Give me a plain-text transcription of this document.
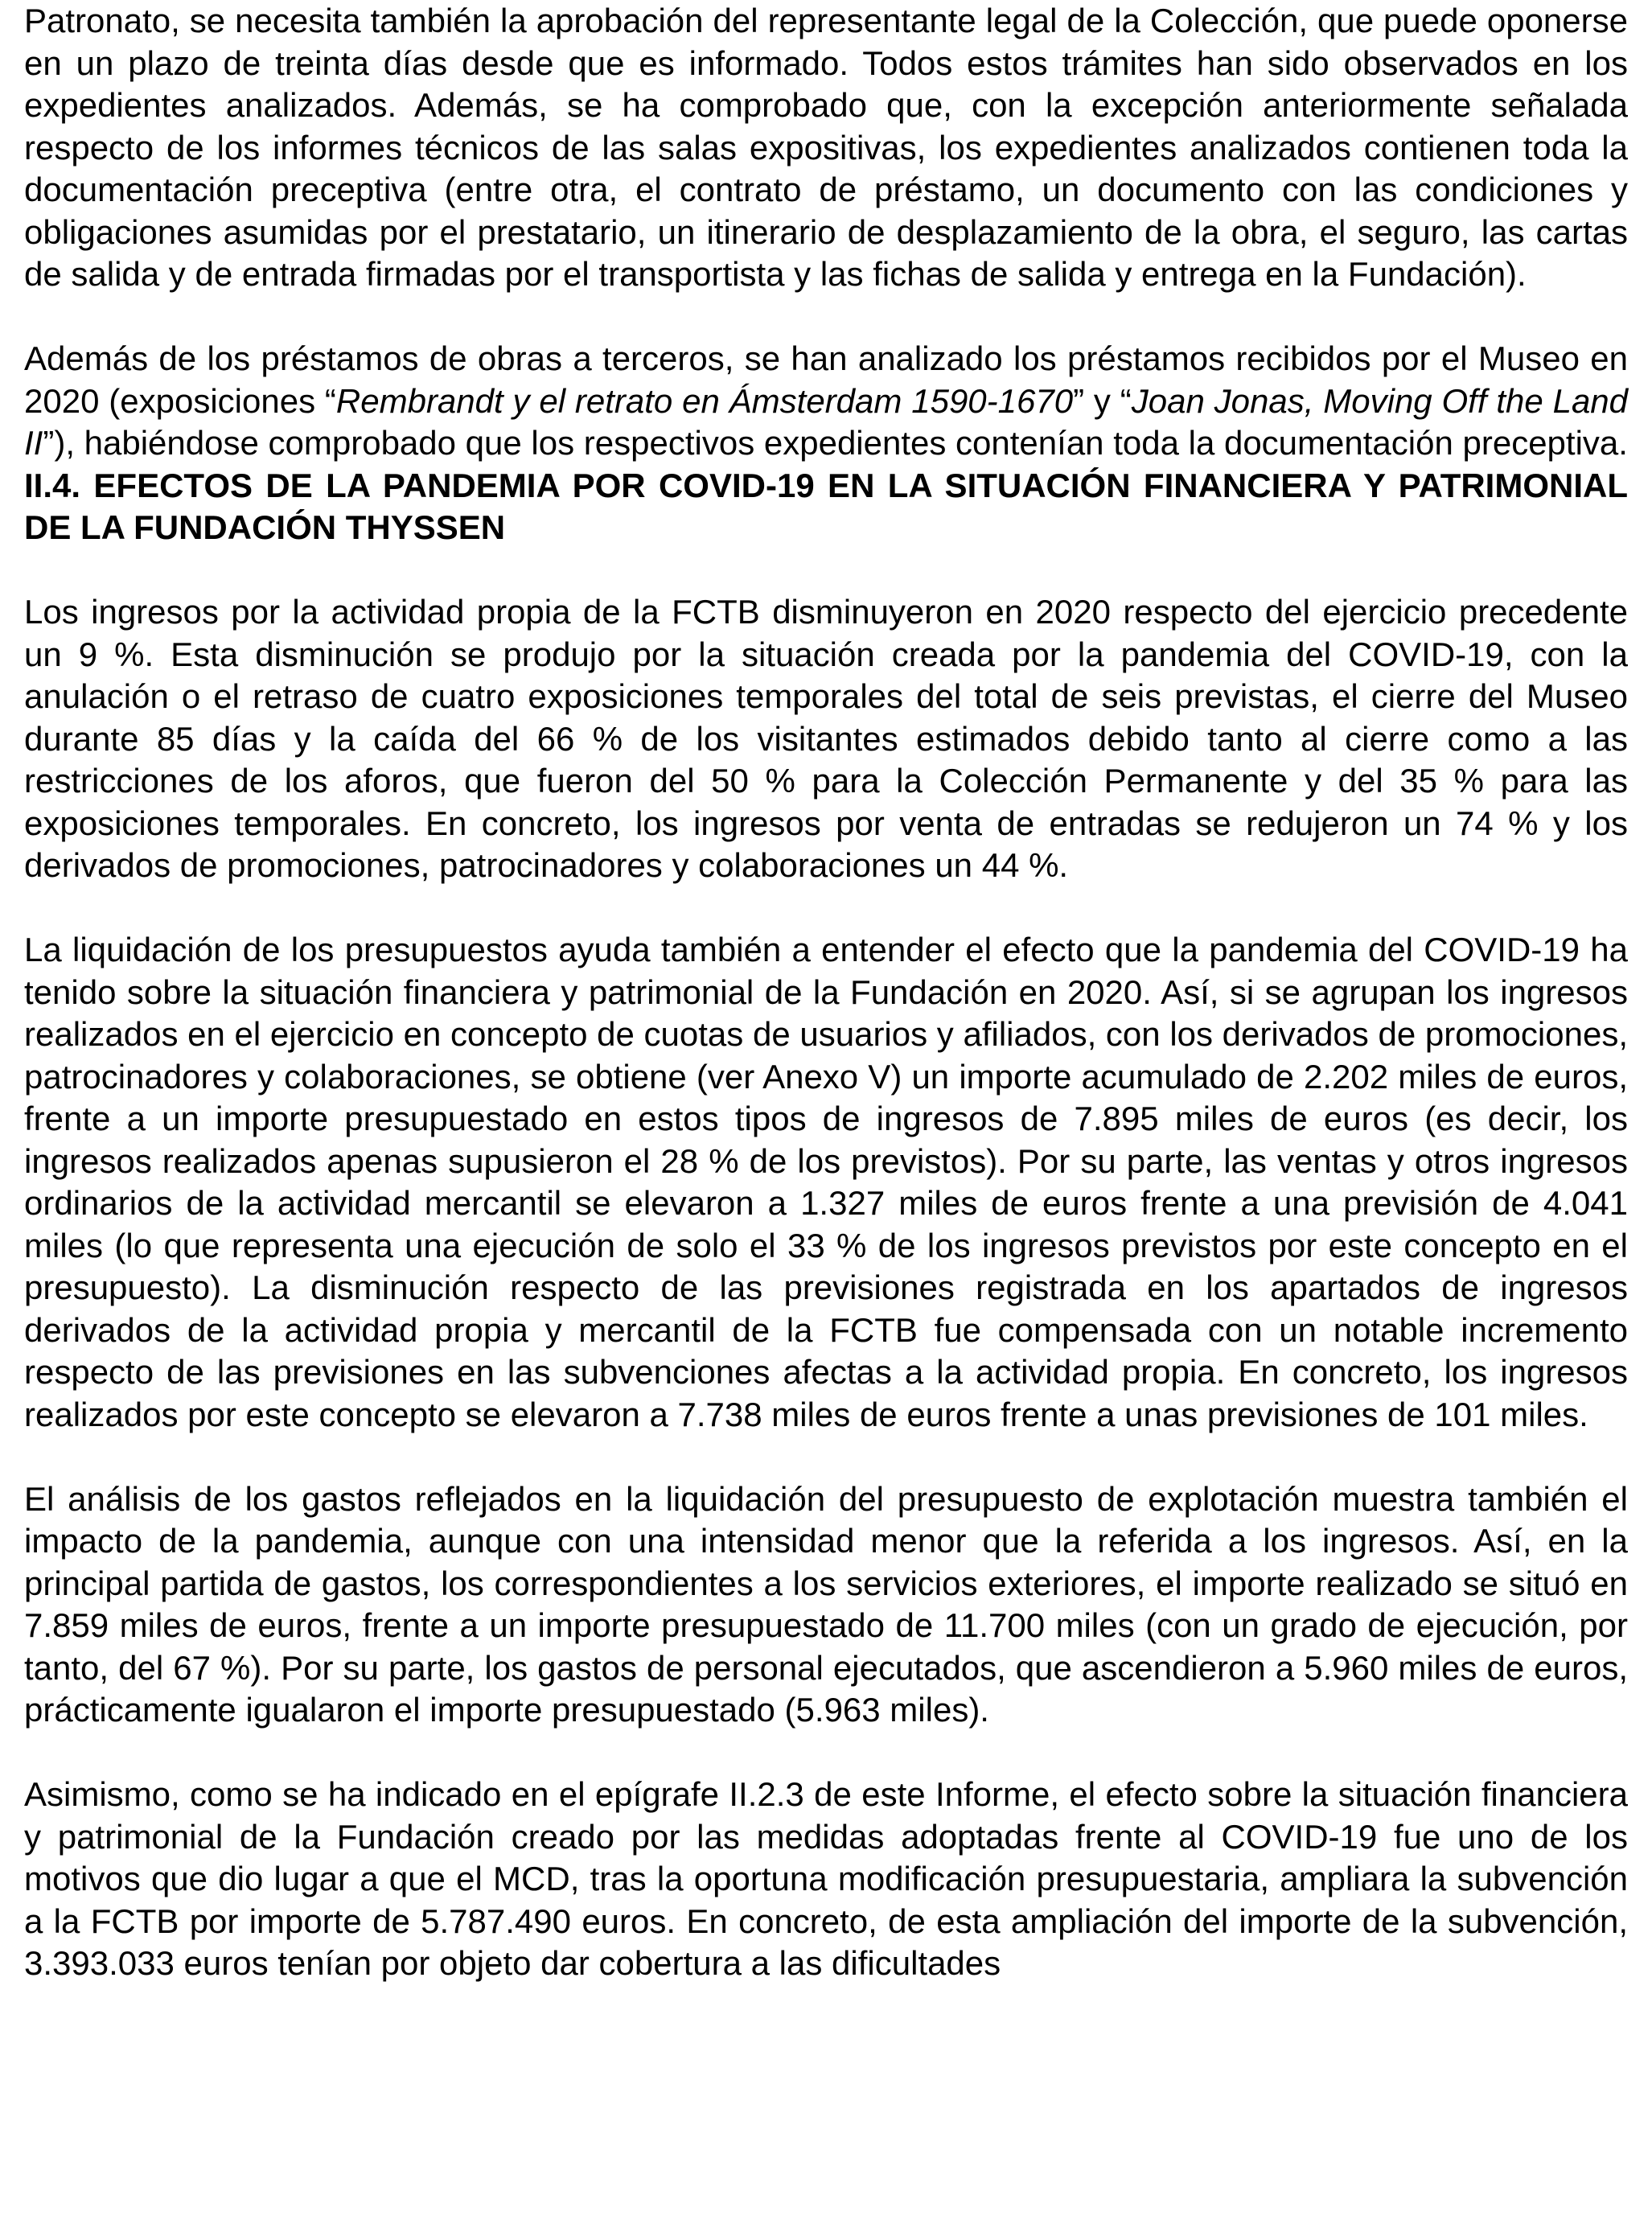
Patronato, se necesita también la aprobación del representante legal de la Colección, que puede oponerse en un plazo de treinta días desde que es informado. Todos estos trámites han sido observados en los expedientes analizados. Además, se ha comprobado que, con la excepción anteriormente señalada respecto de los informes técnicos de las salas expositivas, los expedientes analizados contienen toda la documentación preceptiva (entre otra, el contrato de préstamo, un documento con las condiciones y obligaciones asumidas por el prestatario, un itinerario de desplazamiento de la obra, el seguro, las cartas de salida y de entrada firmadas por el transportista y las fichas de salida y entrega en la Fundación).

Además de los préstamos de obras a terceros, se han analizado los préstamos recibidos por el Museo en 2020 (exposiciones “Rembrandt y el retrato en Ámsterdam 1590-1670” y “Joan Jonas, Moving Off the Land II”), habiéndose comprobado que los respectivos expedientes contenían toda la documentación preceptiva.

II.4. EFECTOS DE LA PANDEMIA POR COVID-19 EN LA SITUACIÓN FINANCIERA Y PATRIMONIAL DE LA FUNDACIÓN THYSSEN

Los ingresos por la actividad propia de la FCTB disminuyeron en 2020 respecto del ejercicio precedente un 9 %. Esta disminución se produjo por la situación creada por la pandemia del COVID-19, con la anulación o el retraso de cuatro exposiciones temporales del total de seis previstas, el cierre del Museo durante 85 días y la caída del 66 % de los visitantes estimados debido tanto al cierre como a las restricciones de los aforos, que fueron del 50 % para la Colección Permanente y del 35 % para las exposiciones temporales. En concreto, los ingresos por venta de entradas se redujeron un 74 % y los derivados de promociones, patrocinadores y colaboraciones un 44 %.

La liquidación de los presupuestos ayuda también a entender el efecto que la pandemia del COVID-19 ha tenido sobre la situación financiera y patrimonial de la Fundación en 2020. Así, si se agrupan los ingresos realizados en el ejercicio en concepto de cuotas de usuarios y afiliados, con los derivados de promociones, patrocinadores y colaboraciones, se obtiene (ver Anexo V) un importe acumulado de 2.202 miles de euros, frente a un importe presupuestado en estos tipos de ingresos de 7.895 miles de euros (es decir, los ingresos realizados apenas supusieron el 28 % de los previstos). Por su parte, las ventas y otros ingresos ordinarios de la actividad mercantil se elevaron a 1.327 miles de euros frente a una previsión de 4.041 miles (lo que representa una ejecución de solo el 33 % de los ingresos previstos por este concepto en el presupuesto). La disminución respecto de las previsiones registrada en los apartados de ingresos derivados de la actividad propia y mercantil de la FCTB fue compensada con un notable incremento respecto de las previsiones en las subvenciones afectas a la actividad propia. En concreto, los ingresos realizados por este concepto se elevaron a 7.738 miles de euros frente a unas previsiones de 101 miles.

El análisis de los gastos reflejados en la liquidación del presupuesto de explotación muestra también el impacto de la pandemia, aunque con una intensidad menor que la referida a los ingresos. Así, en la principal partida de gastos, los correspondientes a los servicios exteriores, el importe realizado se situó en 7.859 miles de euros, frente a un importe presupuestado de 11.700 miles (con un grado de ejecución, por tanto, del 67 %). Por su parte, los gastos de personal ejecutados, que ascendieron a 5.960 miles de euros, prácticamente igualaron el importe presupuestado (5.963 miles).

Asimismo, como se ha indicado en el epígrafe II.2.3 de este Informe, el efecto sobre la situación financiera y patrimonial de la Fundación creado por las medidas adoptadas frente al COVID-19 fue uno de los motivos que dio lugar a que el MCD, tras la oportuna modificación presupuestaria, ampliara la subvención a la FCTB por importe de 5.787.490 euros. En concreto, de esta ampliación del importe de la subvención, 3.393.033 euros tenían por objeto dar cobertura a las dificultades
